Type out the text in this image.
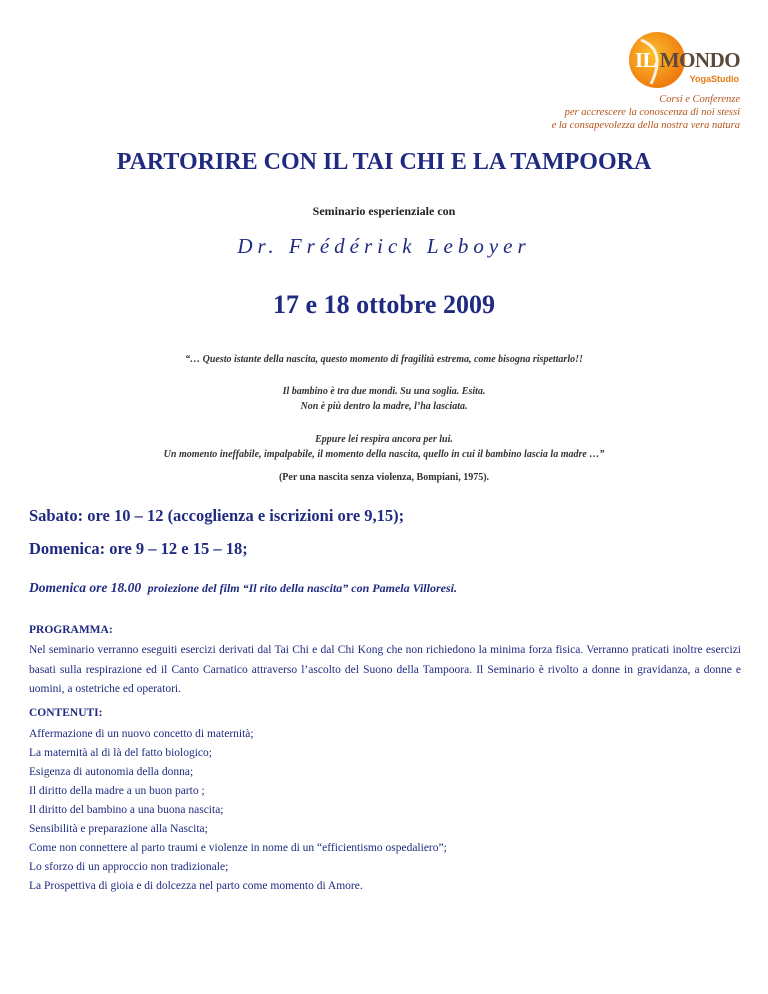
IL MONDO
YogaStudio
Corsi e Conferenze
per accrescere la conoscenza di noi stessi
e la consapevolezza della nostra vera natura
PARTORIRE CON IL TAI CHI E LA TAMPOORA
Seminario esperienziale con
Dr. Frédérick Leboyer
17 e 18 ottobre 2009
“… Questo istante della nascita, questo momento di fragilità estrema, come bisogna rispettarlo!!
Il bambino è tra due mondi. Su una soglia. Esita.
Non è più dentro la madre, l’ha lasciata.
Eppure lei respira ancora per lui.
Un momento ineffabile, impalpabile, il momento della nascita, quello in cui il bambino lascia la madre …”
(Per una nascita senza violenza, Bompiani, 1975).
Sabato: ore 10 – 12 (accoglienza e iscrizioni ore 9,15);
Domenica: ore 9 – 12 e 15 – 18;
Domenica ore 18.00 proiezione del film “Il rito della nascita” con Pamela Villoresi.
PROGRAMMA:
Nel seminario verranno eseguiti esercizi derivati dal Tai Chi e dal Chi Kong che non richiedono la minima forza fisica. Verranno praticati inoltre esercizi basati sulla respirazione ed il Canto Carnatico attraverso l’ascolto del Suono della Tampoora. Il Seminario è rivolto a donne in gravidanza, a donne e uomini, a ostetriche ed operatori.
CONTENUTI:
Affermazione di un nuovo concetto di maternità;
La maternità al di là del fatto biologico;
Esigenza di autonomia della donna;
Il diritto della madre a un buon parto ;
Il diritto del bambino a una buona nascita;
Sensibilità e preparazione alla Nascita;
Come non connettere al parto traumi e violenze in nome di un “efficientismo ospedaliero”;
Lo sforzo di un approccio non tradizionale;
La Prospettiva di gioia e di dolcezza nel parto come momento di Amore.
